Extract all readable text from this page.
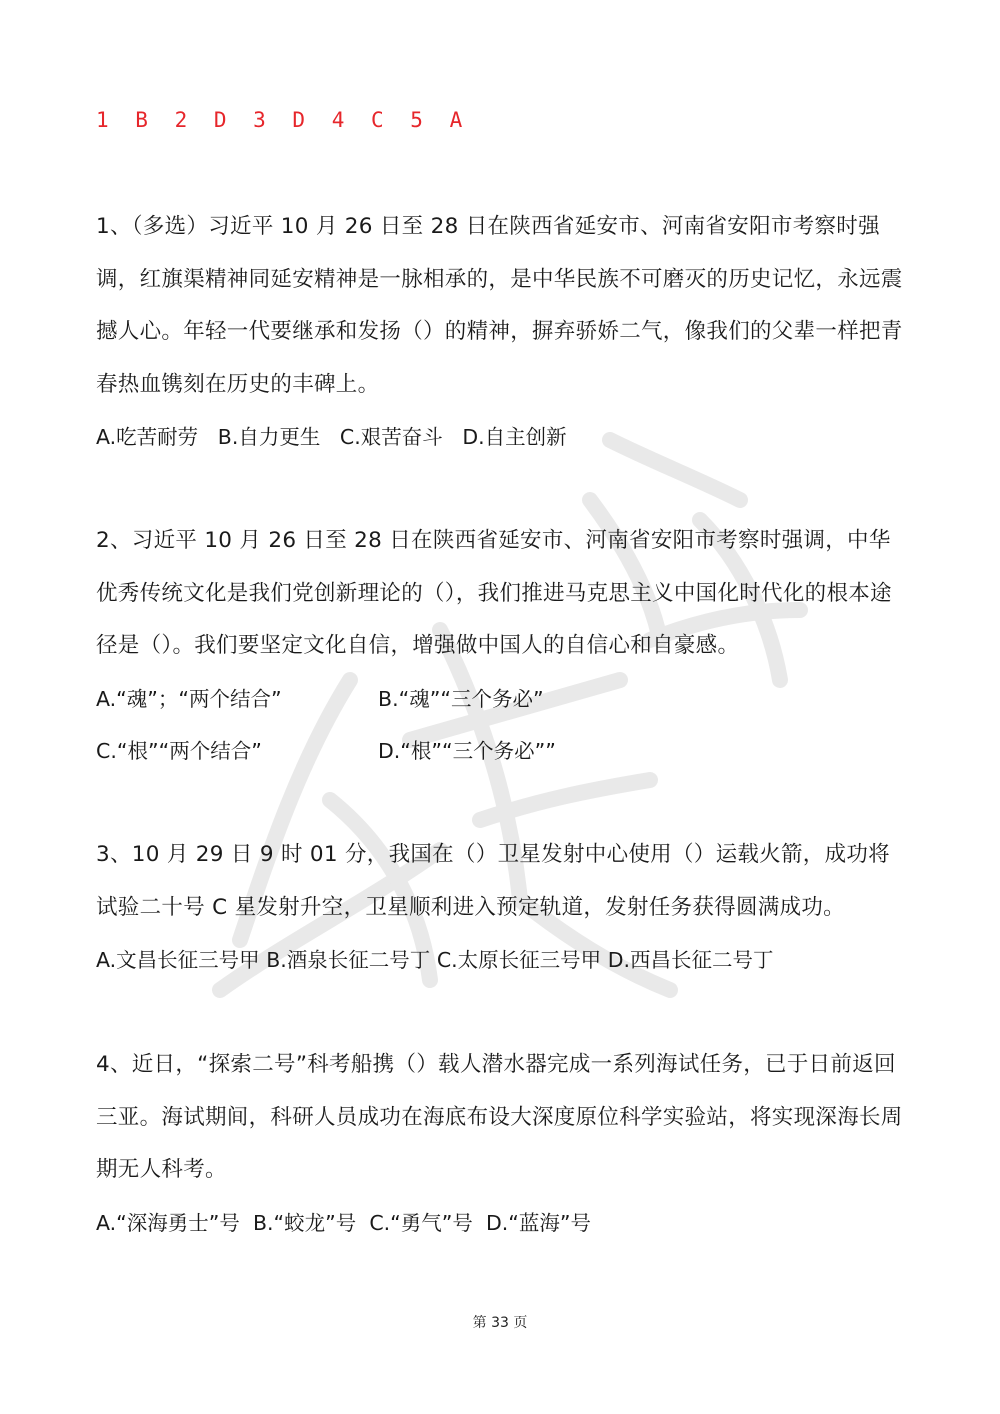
1 B 2 D 3 D 4 C 5 A

1、（多选）习近平 10 月 26 日至 28 日在陕西省延安市、河南省安阳市考察时强调，红旗渠精神同延安精神是一脉相承的，是中华民族不可磨灭的历史记忆，永远震撼人心。年轻一代要继承和发扬（）的精神，摒弃骄娇二气，像我们的父辈一样把青春热血镌刻在历史的丰碑上。

A.吃苦耐劳 B.自力更生 C.艰苦奋斗 D.自主创新

2、习近平 10 月 26 日至 28 日在陕西省延安市、河南省安阳市考察时强调，中华优秀传统文化是我们党创新理论的（），我们推进马克思主义中国化时代化的根本途径是（）。我们要坚定文化自信，增强做中国人的自信心和自豪感。

A.“魂”；“两个结合”	B.“魂”“三个务必”
C.“根”“两个结合”	D.“根”“三个务必””

3、10 月 29 日 9 时 01 分，我国在（）卫星发射中心使用（）运载火箭，成功将试验二十号 C 星发射升空，卫星顺利进入预定轨道，发射任务获得圆满成功。

A.文昌长征三号甲 B.酒泉长征二号丁 C.太原长征三号甲 D.西昌长征二号丁

4、近日，“探索二号”科考船携（）载人潜水器完成一系列海试任务，已于日前返回三亚。海试期间，科研人员成功在海底布设大深度原位科学实验站，将实现深海长周期无人科考。

A.“深海勇士”号 B.“蛟龙”号 C.“勇气”号 D.“蓝海”号
第 33 页
